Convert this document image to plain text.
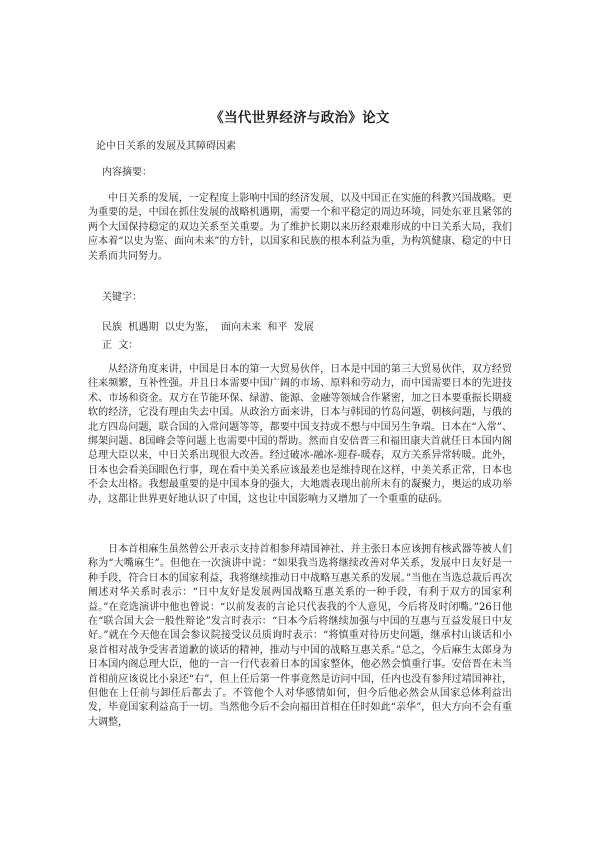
《当代世界经济与政治》论文
论中日关系的发展及其障碍因素
内容摘要：
中日关系的发展，一定程度上影响中国的经济发展，以及中国正在实施的科教兴国战略。更为重要的是，中国在抓住发展的战略机遇期，需要一个和平稳定的周边环境，同处东亚且紧邻的两个大国保持稳定的双边关系至关重要。为了维护长期以来历经艰难形成的中日关系大局，我们应本着“以史为鉴、面向未来”的方针，以国家和民族的根本利益为重，为构筑健康、稳定的中日关系而共同努力。
关键字：
民族  机遇期  以史为鉴，  面向未来  和平  发展
正  文：
从经济角度来讲，中国是日本的第一大贸易伙伴，日本是中国的第三大贸易伙伴，双方经贸往来频繁，互补性强。并且日本需要中国广阔的市场、原料和劳动力，而中国需要日本的先进技术、市场和资金。双方在节能环保、绿游、能源、金融等领域合作紧密，加之日本要重振长期疲软的经济，它没有理由失去中国。从政治方面来讲，日本与韩国的竹岛问题，朝核问题，与俄的北方四岛问题，联合国的入常问题等等，都要中国支持或不想与中国另生争端。日本在“入常”、绑架问题、8国峰会等问题上也需要中国的帮助。然而自安倍晋三和福田康夫首就任日本国内阁总理大臣以来，中日关系出现很大改善。经过破冰-融冰-迎春-暖春，双方关系异常转暖。此外，日本也会看美国眼色行事，现在看中美关系应该最差也是维持现在这样，中美关系正常，日本也不会太出格。我想最重要的是中国本身的强大，大地震表现出前所未有的凝聚力，奥运的成功举办，这都让世界更好地认识了中国，这也让中国影响力又增加了一个重重的砝码。
日本首相麻生虽然曾公开表示支持首相参拜靖国神社、并主张日本应该拥有核武器等被人们称为“大嘴麻生”。但他在一次演讲中说：“如果我当选将继续改善对华关系，发展中日友好是一种手段，符合日本的国家利益，我将继续推动日中战略互惠关系的发展。”当他在当选总裁后再次阐述对华关系时表示：“日中友好是发展两国战略互惠关系的一种手段，有利于双方的国家利益。”在竞选演讲中他也曾说：“以前发表的言论只代表我的个人意见，今后将及时闭嘴。”26日他在“联合国大会一般性辩论”发言时表示：“日本今后将继续加强与中国的互惠与互益发展日中友好。”就在今天他在国会参议院接受议员质询时表示：“将慎重对待历史问题，继承村山谈话和小泉首相对战争受害者道歉的谈话的精神，推动与中国的战略互惠关系。”总之，今后麻生太郎身为日本国内阁总理大臣，他的一言一行代表着日本的国家整体，他必然会慎重行事。安倍晋在未当首相前应该说比小泉还“右”，但上任后第一件事竟然是访问中国，任内也没有参拜过靖国神社，但他在上任前与卸任后都去了。不管他个人对华感情如何，但今后他必然会从国家总体利益出发，毕竟国家利益高于一切。当然他今后不会向福田首相在任时如此“亲华”，但大方向不会有重大调整，
